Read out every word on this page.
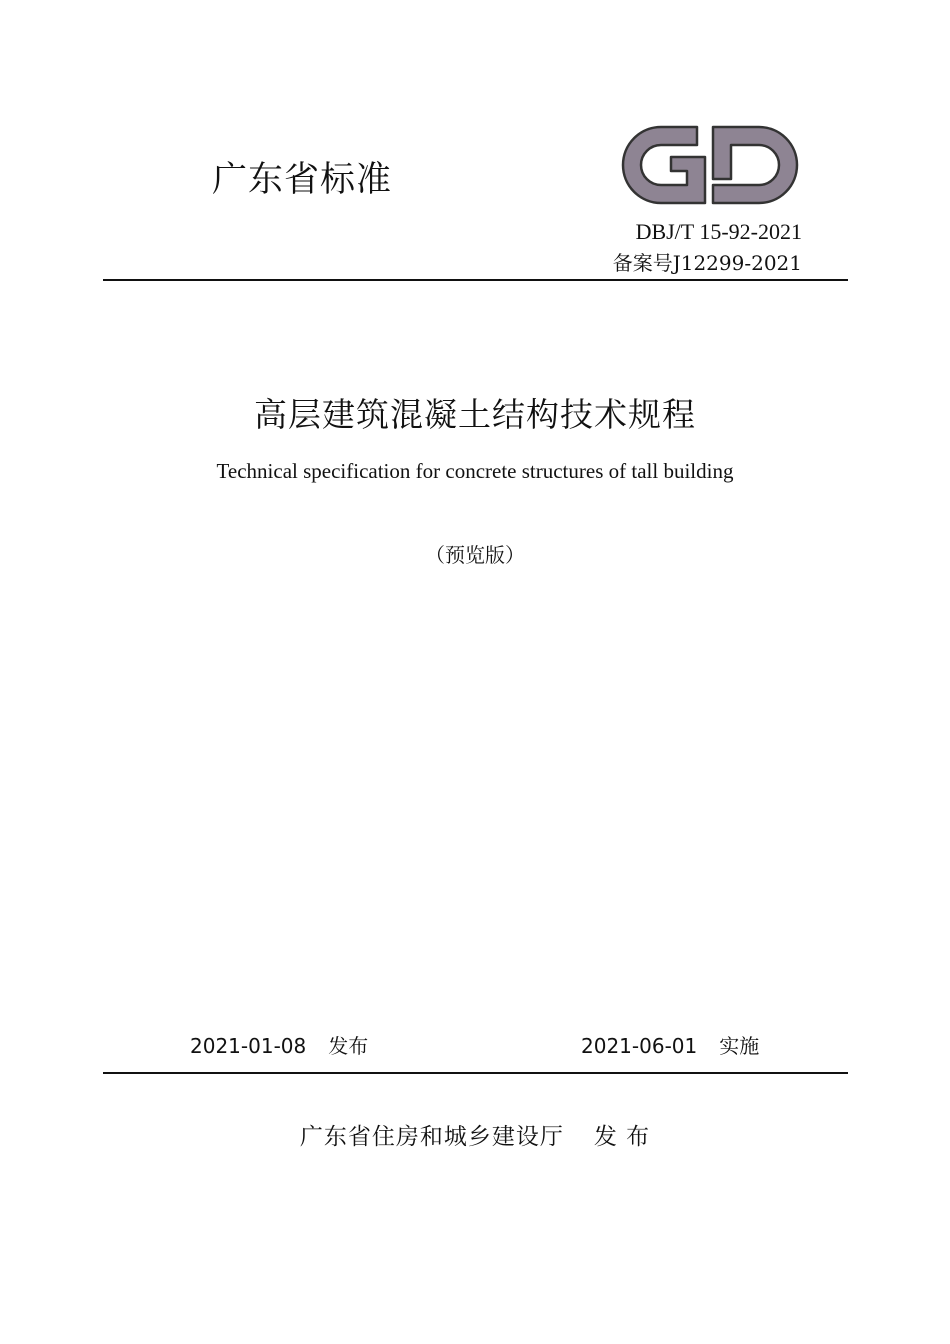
广东省标准
DBJ/T 15-92-2021
备案号J12299-2021
高层建筑混凝土结构技术规程
Technical specification for concrete structures of tall building
（预览版）
2021-01-08 发布	2021-06-01 实施
广东省住房和城乡建设厅 发 布
